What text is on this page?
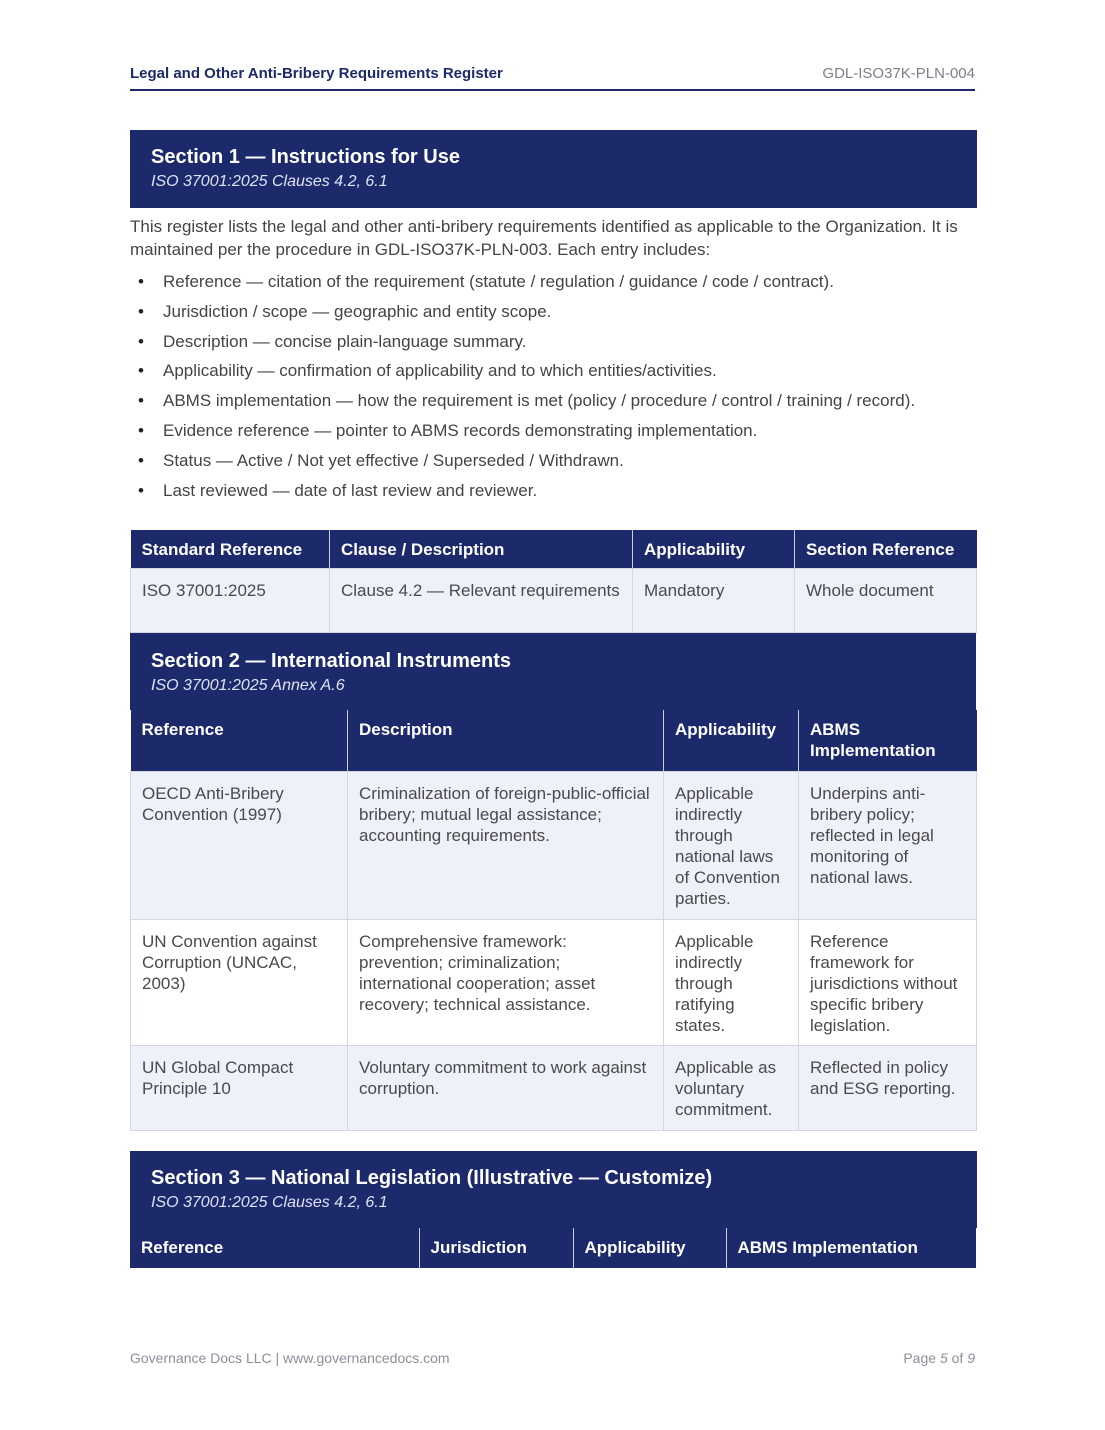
Legal and Other Anti-Bribery Requirements Register	GDL-ISO37K-PLN-004
Section 1 — Instructions for Use
ISO 37001:2025 Clauses 4.2, 6.1
This register lists the legal and other anti-bribery requirements identified as applicable to the Organization. It is maintained per the procedure in GDL-ISO37K-PLN-003. Each entry includes:
• Reference — citation of the requirement (statute / regulation / guidance / code / contract).
• Jurisdiction / scope — geographic and entity scope.
• Description — concise plain-language summary.
• Applicability — confirmation of applicability and to which entities/activities.
• ABMS implementation — how the requirement is met (policy / procedure / control / training / record).
• Evidence reference — pointer to ABMS records demonstrating implementation.
• Status — Active / Not yet effective / Superseded / Withdrawn.
• Last reviewed — date of last review and reviewer.
Standard Reference	Clause / Description	Applicability	Section Reference
ISO 37001:2025	Clause 4.2 — Relevant requirements	Mandatory	Whole document
Section 2 — International Instruments
ISO 37001:2025 Annex A.6
Reference	Description	Applicability	ABMS Implementation
OECD Anti-Bribery Convention (1997)	Criminalization of foreign-public-official bribery; mutual legal assistance; accounting requirements.	Applicable indirectly through national laws of Convention parties.	Underpins anti-bribery policy; reflected in legal monitoring of national laws.
UN Convention against Corruption (UNCAC, 2003)	Comprehensive framework: prevention; criminalization; international cooperation; asset recovery; technical assistance.	Applicable indirectly through ratifying states.	Reference framework for jurisdictions without specific bribery legislation.
UN Global Compact Principle 10	Voluntary commitment to work against corruption.	Applicable as voluntary commitment.	Reflected in policy and ESG reporting.
Section 3 — National Legislation (Illustrative — Customize)
ISO 37001:2025 Clauses 4.2, 6.1
Reference	Jurisdiction	Applicability	ABMS Implementation
Governance Docs LLC | www.governancedocs.com	Page 5 of 9
